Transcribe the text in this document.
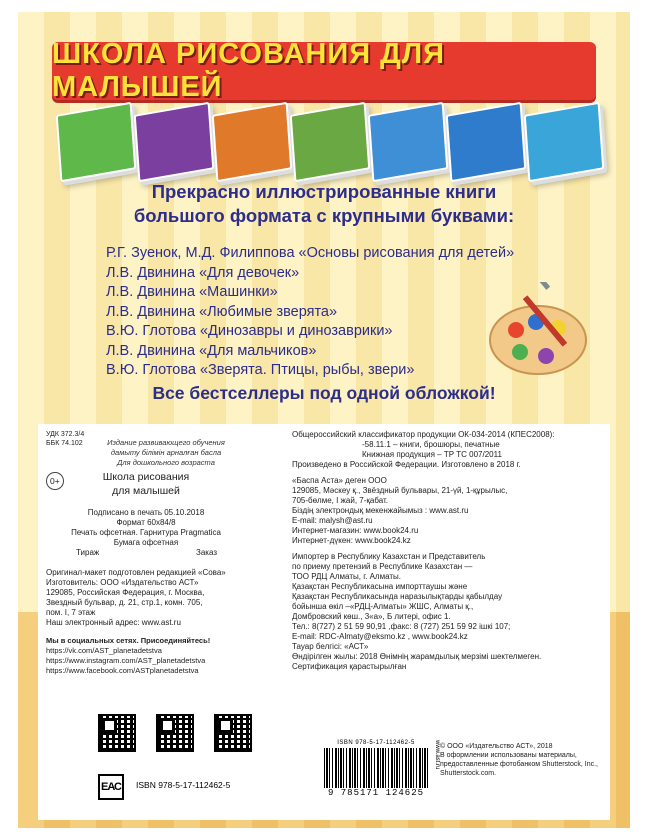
ШКОЛА РИСОВАНИЯ ДЛЯ МАЛЫШЕЙ
Прекрасно иллюстрированные книги
большого формата с крупными буквами:
Р.Г. Зуенок, М.Д. Филиппова «Основы рисования для детей»
Л.В. Двинина «Для девочек»
Л.В. Двинина «Машинки»
Л.В. Двинина «Любимые зверята»
В.Ю. Глотова «Динозавры и динозаврики»
Л.В. Двинина «Для мальчиков»
В.Ю. Глотова «Зверята. Птицы, рыбы, звери»
Все бестселлеры под одной обложкой!
УДК 372.3/4
ББК 74.102	Издание развивающего обучения
дамыту білімін арналған басла
Для дошкольного возраста
0+	Школа рисования
для малышей
Подписано в печать 05.10.2018
Формат 60x84/8
Печать офсетная. Гарнитура Pragmatica
Бумага офсетная
Тираж	Заказ
Оригинал-макет подготовлен редакцией «Сова»
Изготовитель: ООО «Издательство АСТ»
129085, Российская Федерация, г. Москва,
Звездный бульвар, д. 21, стр.1, комн. 705,
пом. I, 7 этаж
Наш электронный адрес: www.ast.ru
Мы в социальных сетях. Присоединяйтесь!
https://vk.com/AST_planetadetstva
https://www.instagram.com/AST_planetadetstva
https://www.facebook.com/ASTplanetadetstva
ЕАС	ISBN 978-5-17-112462-5
Общероссийский классификатор продукции ОК-034-2014 (КПЕС2008):
-58.11.1 – книги, брошюры, печатные
Книжная продукция – ТР ТС 007/2011
Произведено в Российской Федерации. Изготовлено в 2018 г.
«Баспа Аста» деген ООО
129085, Мәскеу қ., Звёздный бульвары, 21-үй, 1-құрылыс,
705-бөлме, I жай, 7-қабат.
Біздің электрондық мекенжайымыз : www.ast.ru
E-mail: malysh@ast.ru
Интернет-магазин: www.book24.ru
Интернет-дүкен: www.book24.kz
Импортер в Республику Казахстан и Представитель
по приему претензий в Республике Казахстан —
ТОО РДЦ Алматы, г. Алматы.
Қазақстан Республикасына импорттаушы және
Қазақстан Республикасында наразылықтарды қабылдау
бойынша өкіл –«РДЦ-Алматы» ЖШС, Алматы қ.,
Домбровский көш., 3«а», Б литері, офис 1.
Тел.: 8(727) 2 51 59 90,91 ,факс: 8 (727) 251 59 92 ішкі 107;
E-mail: RDC-Almaty@eksmo.kz , www.book24.kz
Тауар белгісі: «АСТ»
Өндірілген жылы: 2018 Өнімнің жарамдылық мерзімі шектелмеген.
Сертификация қарастырылған
ISBN 978-5-17-112462-5
9 785171 124625
www.ast.ru © ООО «Издательство АСТ», 2018
В оформлении использованы материалы,
предоставленные фотобанком Shutterstock, Inc.,
Shutterstock.com.
